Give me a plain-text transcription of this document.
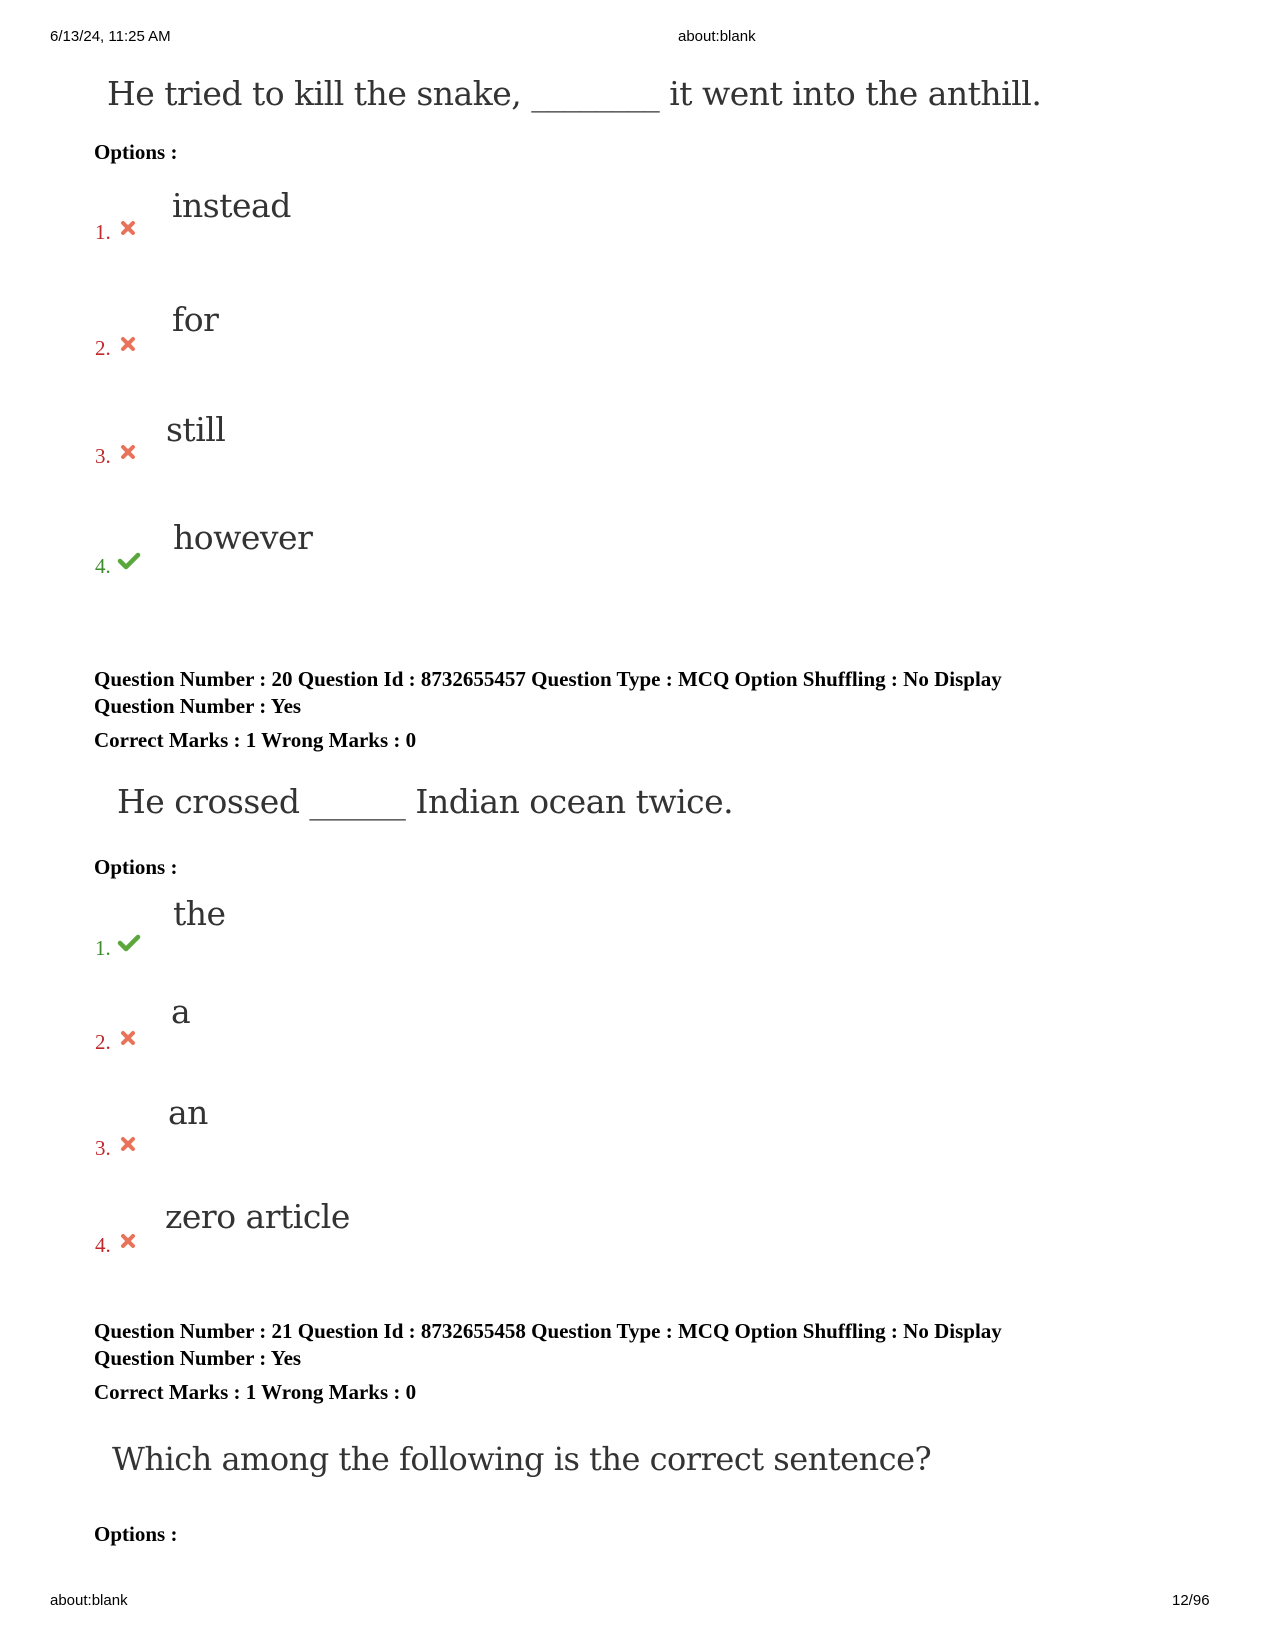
6/13/24, 11:25 AM	about:blank
He tried to kill the snake, ________ it went into the anthill.
Options :
1.
instead
2.
for
3.
still
4.
however
Question Number : 20 Question Id : 8732655457 Question Type : MCQ Option Shuffling : No Display
Question Number : Yes
Correct Marks : 1 Wrong Marks : 0
He crossed ______ Indian ocean twice.
Options :
1.
the
2.
a
3.
an
4.
zero article
Question Number : 21 Question Id : 8732655458 Question Type : MCQ Option Shuffling : No Display
Question Number : Yes
Correct Marks : 1 Wrong Marks : 0
Which among the following is the correct sentence?
Options :
about:blank	12/96
